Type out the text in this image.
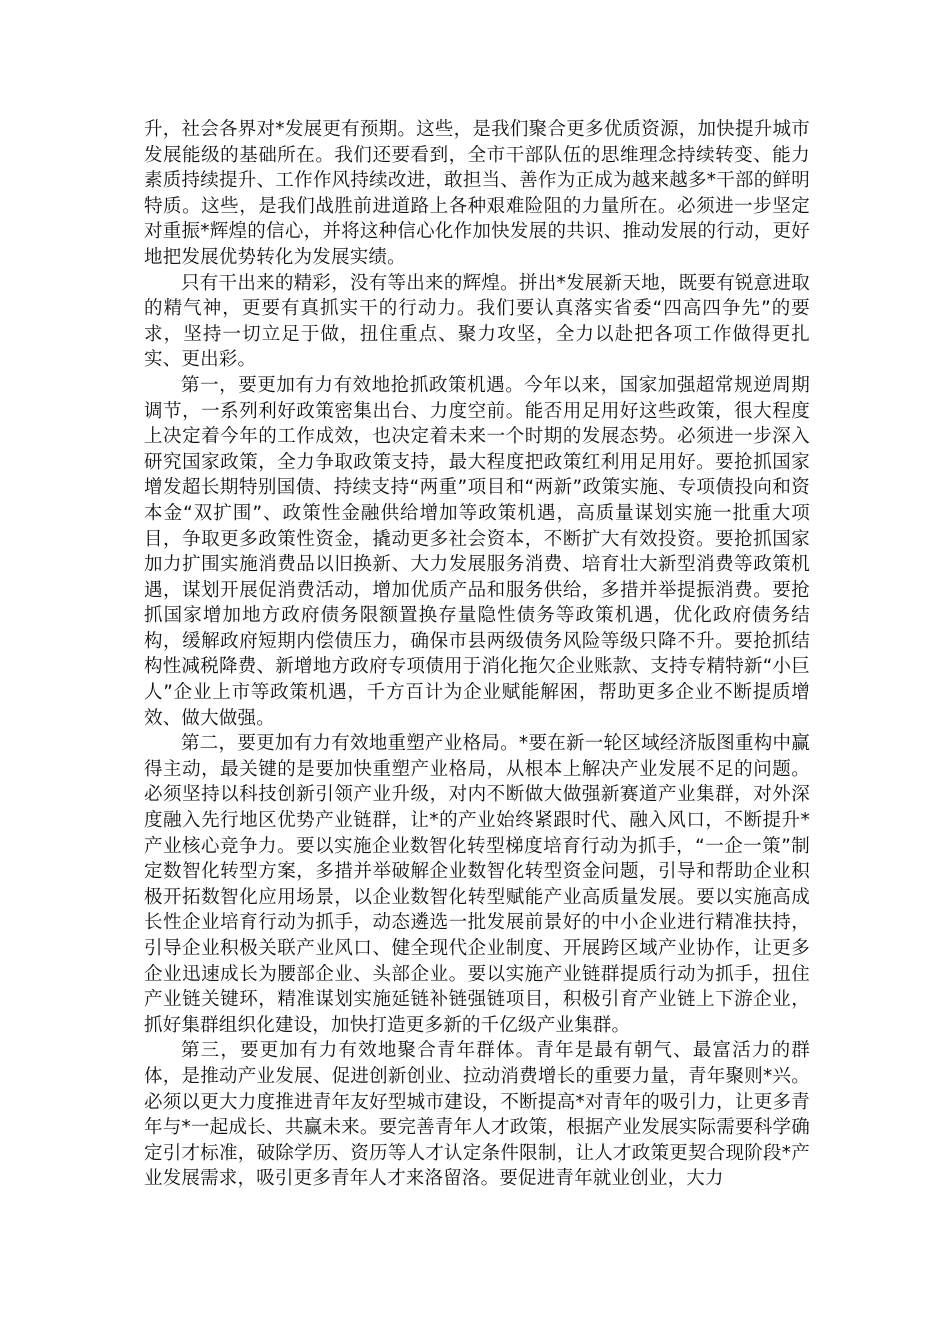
升，社会各界对*发展更有预期。这些，是我们聚合更多优质资源，加快提升城市发展能级的基础所在。我们还要看到，全市干部队伍的思维理念持续转变、能力素质持续提升、工作作风持续改进，敢担当、善作为正成为越来越多*干部的鲜明特质。这些，是我们战胜前进道路上各种艰难险阻的力量所在。必须进一步坚定对重振*辉煌的信心，并将这种信心化作加快发展的共识、推动发展的行动，更好地把发展优势转化为发展实绩。

只有干出来的精彩，没有等出来的辉煌。拼出*发展新天地，既要有锐意进取的精气神，更要有真抓实干的行动力。我们要认真落实省委“四高四争先”的要求，坚持一切立足于做，扭住重点、聚力攻坚，全力以赴把各项工作做得更扎实、更出彩。

第一，要更加有力有效地抢抓政策机遇。今年以来，国家加强超常规逆周期调节，一系列利好政策密集出台、力度空前。能否用足用好这些政策，很大程度上决定着今年的工作成效，也决定着未来一个时期的发展态势。必须进一步深入研究国家政策，全力争取政策支持，最大程度把政策红利用足用好。要抢抓国家增发超长期特别国债、持续支持“两重”项目和“两新”政策实施、专项债投向和资本金“双扩围”、政策性金融供给增加等政策机遇，高质量谋划实施一批重大项目，争取更多政策性资金，撬动更多社会资本，不断扩大有效投资。要抢抓国家加力扩围实施消费品以旧换新、大力发展服务消费、培育壮大新型消费等政策机遇，谋划开展促消费活动，增加优质产品和服务供给，多措并举提振消费。要抢抓国家增加地方政府债务限额置换存量隐性债务等政策机遇，优化政府债务结构，缓解政府短期内偿债压力，确保市县两级债务风险等级只降不升。要抢抓结构性减税降费、新增地方政府专项债用于消化拖欠企业账款、支持专精特新“小巨人”企业上市等政策机遇，千方百计为企业赋能解困，帮助更多企业不断提质增效、做大做强。

第二，要更加有力有效地重塑产业格局。*要在新一轮区域经济版图重构中赢得主动，最关键的是要加快重塑产业格局，从根本上解决产业发展不足的问题。必须坚持以科技创新引领产业升级，对内不断做大做强新赛道产业集群，对外深度融入先行地区优势产业链群，让*的产业始终紧跟时代、融入风口，不断提升*产业核心竞争力。要以实施企业数智化转型梯度培育行动为抓手，“一企一策”制定数智化转型方案，多措并举破解企业数智化转型资金问题，引导和帮助企业积极开拓数智化应用场景，以企业数智化转型赋能产业高质量发展。要以实施高成长性企业培育行动为抓手，动态遴选一批发展前景好的中小企业进行精准扶持，引导企业积极关联产业风口、健全现代企业制度、开展跨区域产业协作，让更多企业迅速成长为腰部企业、头部企业。要以实施产业链群提质行动为抓手，扭住产业链关键环，精准谋划实施延链补链强链项目，积极引育产业链上下游企业，抓好集群组织化建设，加快打造更多新的千亿级产业集群。

第三，要更加有力有效地聚合青年群体。青年是最有朝气、最富活力的群体，是推动产业发展、促进创新创业、拉动消费增长的重要力量，青年聚则*兴。必须以更大力度推进青年友好型城市建设，不断提高*对青年的吸引力，让更多青年与*一起成长、共赢未来。要完善青年人才政策，根据产业发展实际需要科学确定引才标准，破除学历、资历等人才认定条件限制，让人才政策更契合现阶段*产业发展需求，吸引更多青年人才来洛留洛。要促进青年就业创业，大力
